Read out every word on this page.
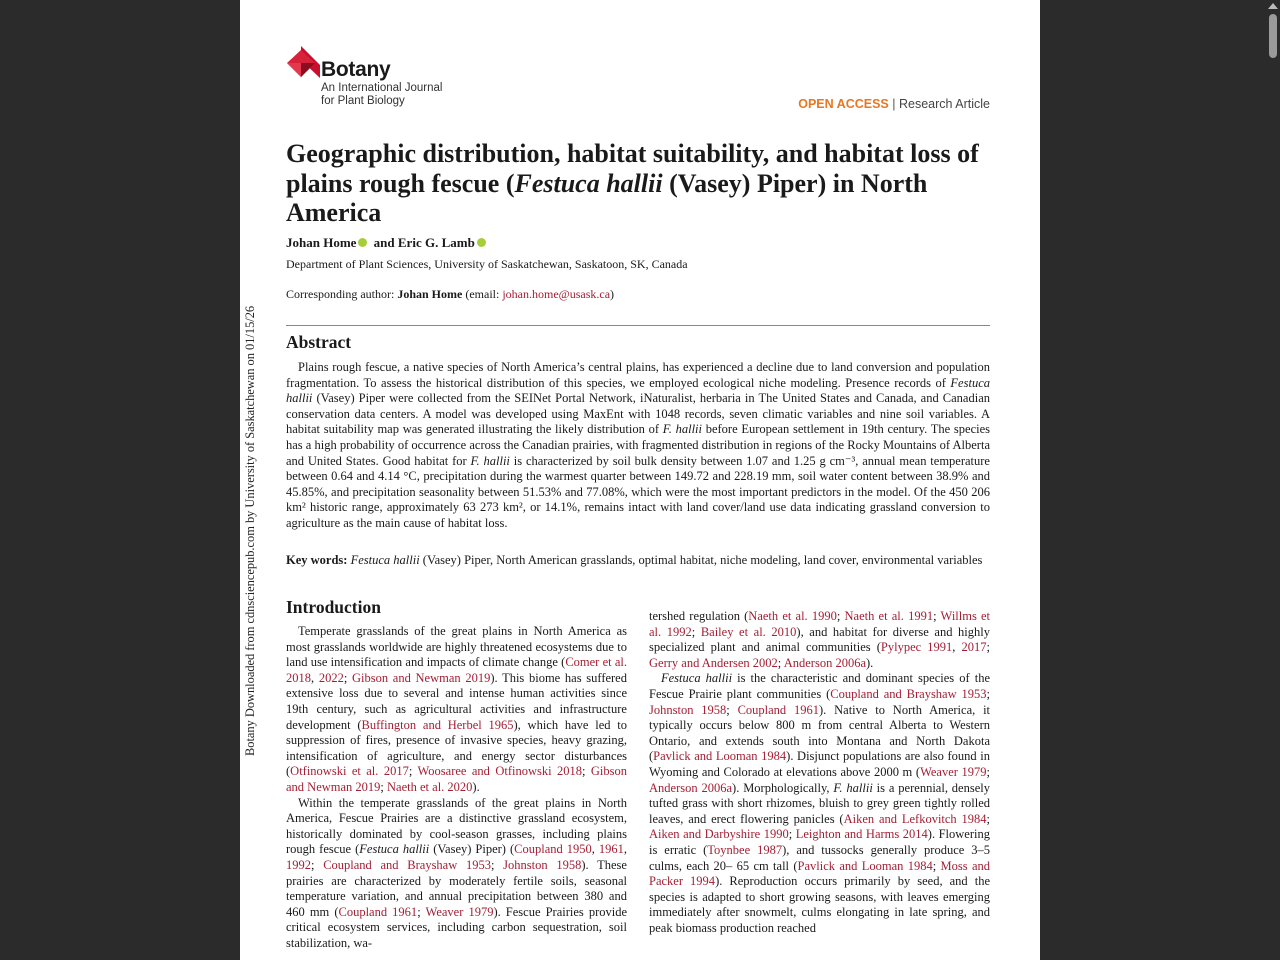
Botany
An International Journal
for Plant Biology	OPEN ACCESS | Research Article
Geographic distribution, habitat suitability, and habitat loss of plains rough fescue (Festuca hallii (Vasey) Piper) in North America
Johan Home and Eric G. Lamb
Department of Plant Sciences, University of Saskatchewan, Saskatoon, SK, Canada
Corresponding author: Johan Home (email: johan.home@usask.ca)
Abstract

Plains rough fescue, a native species of North America’s central plains, has experienced a decline due to land conversion and population fragmentation. To assess the historical distribution of this species, we employed ecological niche modeling. Presence records of Festuca hallii (Vasey) Piper were collected from the SEINet Portal Network, iNaturalist, herbaria in The United States and Canada, and Canadian conservation data centers. A model was developed using MaxEnt with 1048 records, seven climatic variables and nine soil variables. A habitat suitability map was generated illustrating the likely distribution of F. hallii before European settlement in 19th century. The species has a high probability of occurrence across the Canadian prairies, with fragmented distribution in regions of the Rocky Mountains of Alberta and United States. Good habitat for F. hallii is characterized by soil bulk density between 1.07 and 1.25 g cm⁻³, annual mean temperature between 0.64 and 4.14 °C, precipitation during the warmest quarter between 149.72 and 228.19 mm, soil water content between 38.9% and 45.85%, and precipitation seasonality between 51.53% and 77.08%, which were the most important predictors in the model. Of the 450 206 km² historic range, approximately 63 273 km², or 14.1%, remains intact with land cover/land use data indicating grassland conversion to agriculture as the main cause of habitat loss.

Key words: Festuca hallii (Vasey) Piper, North American grasslands, optimal habitat, niche modeling, land cover, environmental variables

Introduction

Temperate grasslands of the great plains in North America as most grasslands worldwide are highly threatened ecosystems due to land use intensification and impacts of climate change (Comer et al. 2018, 2022; Gibson and Newman 2019). This biome has suffered extensive loss due to several and intense human activities since 19th century, such as agricultural activities and infrastructure development (Buffington and Herbel 1965), which have led to suppression of fires, presence of invasive species, heavy grazing, intensification of agriculture, and energy sector disturbances (Otfinowski et al. 2017; Woosaree and Otfinowski 2018; Gibson and Newman 2019; Naeth et al. 2020).

Within the temperate grasslands of the great plains in North America, Fescue Prairies are a distinctive grassland ecosystem, historically dominated by cool-season grasses, including plains rough fescue (Festuca hallii (Vasey) Piper) (Coupland 1950, 1961, 1992; Coupland and Brayshaw 1953; Johnston 1958). These prairies are characterized by moderately fertile soils, seasonal temperature variation, and annual precipitation between 380 and 460 mm (Coupland 1961; Weaver 1979). Fescue Prairies provide critical ecosystem services, including carbon sequestration, soil stabilization, wa-

tershed regulation (Naeth et al. 1990; Naeth et al. 1991; Willms et al. 1992; Bailey et al. 2010), and habitat for diverse and highly specialized plant and animal communities (Pylypec 1991, 2017; Gerry and Andersen 2002; Anderson 2006a).

Festuca hallii is the characteristic and dominant species of the Fescue Prairie plant communities (Coupland and Brayshaw 1953; Johnston 1958; Coupland 1961). Native to North America, it typically occurs below 800 m from central Alberta to Western Ontario, and extends south into Montana and North Dakota (Pavlick and Looman 1984). Disjunct populations are also found in Wyoming and Colorado at elevations above 2000 m (Weaver 1979; Anderson 2006a). Morphologically, F. hallii is a perennial, densely tufted grass with short rhizomes, bluish to grey green tightly rolled leaves, and erect flowering panicles (Aiken and Lefkovitch 1984; Aiken and Darbyshire 1990; Leighton and Harms 2014). Flowering is erratic (Toynbee 1987), and tussocks generally produce 3–5 culms, each 20– 65 cm tall (Pavlick and Looman 1984; Moss and Packer 1994). Reproduction occurs primarily by seed, and the species is adapted to short growing seasons, with leaves emerging immediately after snowmelt, culms elongating in late spring, and peak biomass production reached

Botany Downloaded from cdnsciencepub.com by University of Saskatchewan on 01/15/26
